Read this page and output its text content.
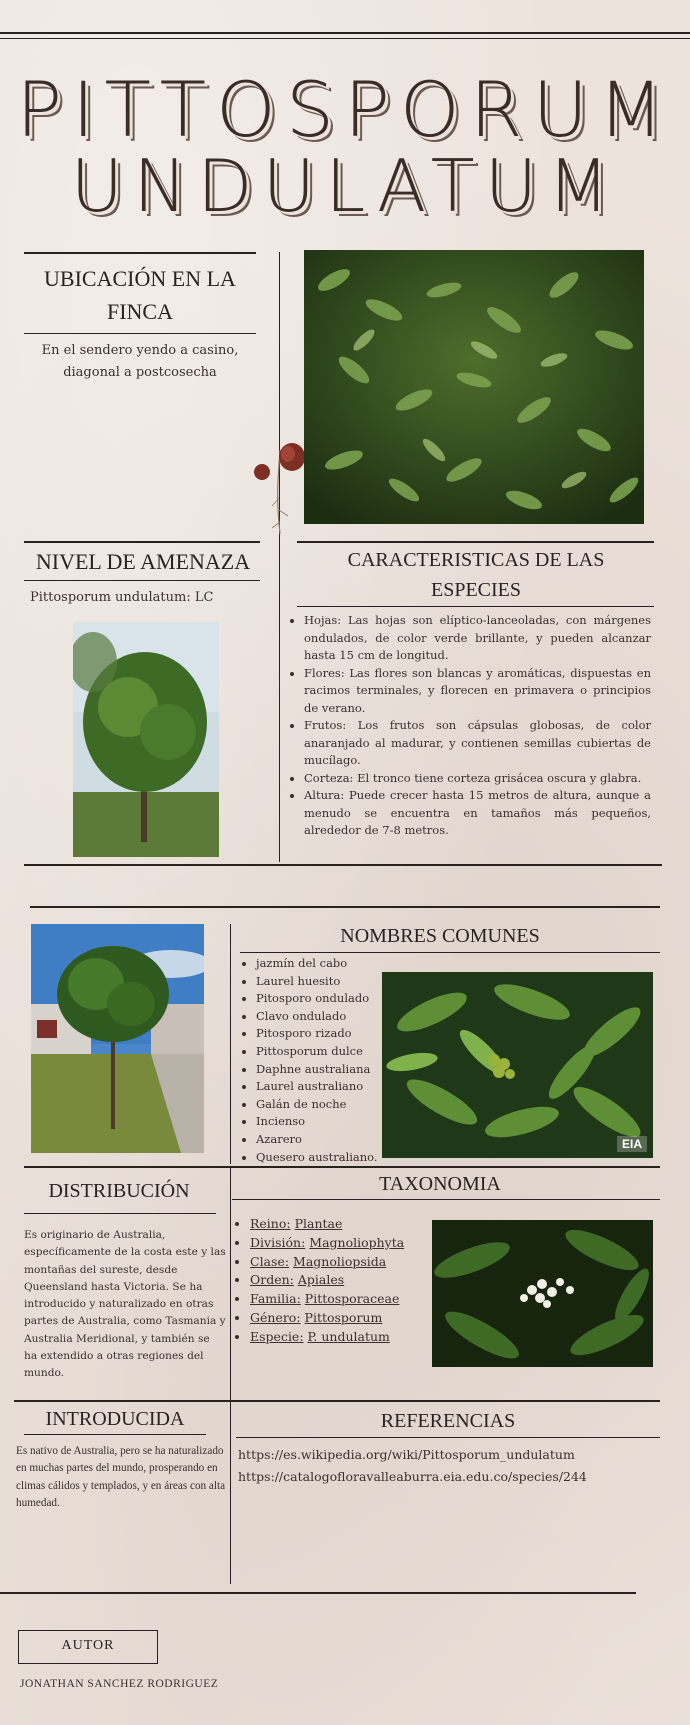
PITTOSPORUM
UNDULATUM
UBICACIÓN EN LA FINCA
En el sendero yendo a casino, diagonal a postcosecha
NIVEL DE AMENAZA
Pittosporum undulatum: LC
CARACTERISTICAS DE LAS ESPECIES
• Hojas: Las hojas son elíptico-lanceoladas, con márgenes ondulados, de color verde brillante, y pueden alcanzar hasta 15 cm de longitud.
• Flores: Las flores son blancas y aromáticas, dispuestas en racimos terminales, y florecen en primavera o principios de verano.
• Frutos: Los frutos son cápsulas globosas, de color anaranjado al madurar, y contienen semillas cubiertas de mucílago.
• Corteza: El tronco tiene corteza grisácea oscura y glabra.
• Altura: Puede crecer hasta 15 metros de altura, aunque a menudo se encuentra en tamaños más pequeños, alrededor de 7-8 metros.
NOMBRES COMUNES
• jazmín del cabo
• Laurel huesito
• Pitosporo ondulado
• Clavo ondulado
• Pitosporo rizado
• Pittosporum dulce
• Daphne australiana
• Laurel australiano
• Galán de noche
• Incienso
• Azarero
• Quesero australiano.
EIA
DISTRIBUCIÓN
Es originario de Australia, específicamente de la costa este y las montañas del sureste, desde Queensland hasta Victoria. Se ha introducido y naturalizado en otras partes de Australia, como Tasmania y Australia Meridional, y también se ha extendido a otras regiones del mundo.
TAXONOMIA
• Reino: Plantae
• División: Magnoliophyta
• Clase: Magnoliopsida
• Orden: Apiales
• Familia: Pittosporaceae
• Género: Pittosporum
• Especie: P. undulatum
INTRODUCIDA
Es nativo de Australia, pero se ha naturalizado en muchas partes del mundo, prosperando en climas cálidos y templados, y en áreas con alta humedad.
REFERENCIAS
https://es.wikipedia.org/wiki/Pittosporum_undulatum
https://catalogofloravalleaburra.eia.edu.co/species/244
AUTOR
JONATHAN SANCHEZ RODRIGUEZ
